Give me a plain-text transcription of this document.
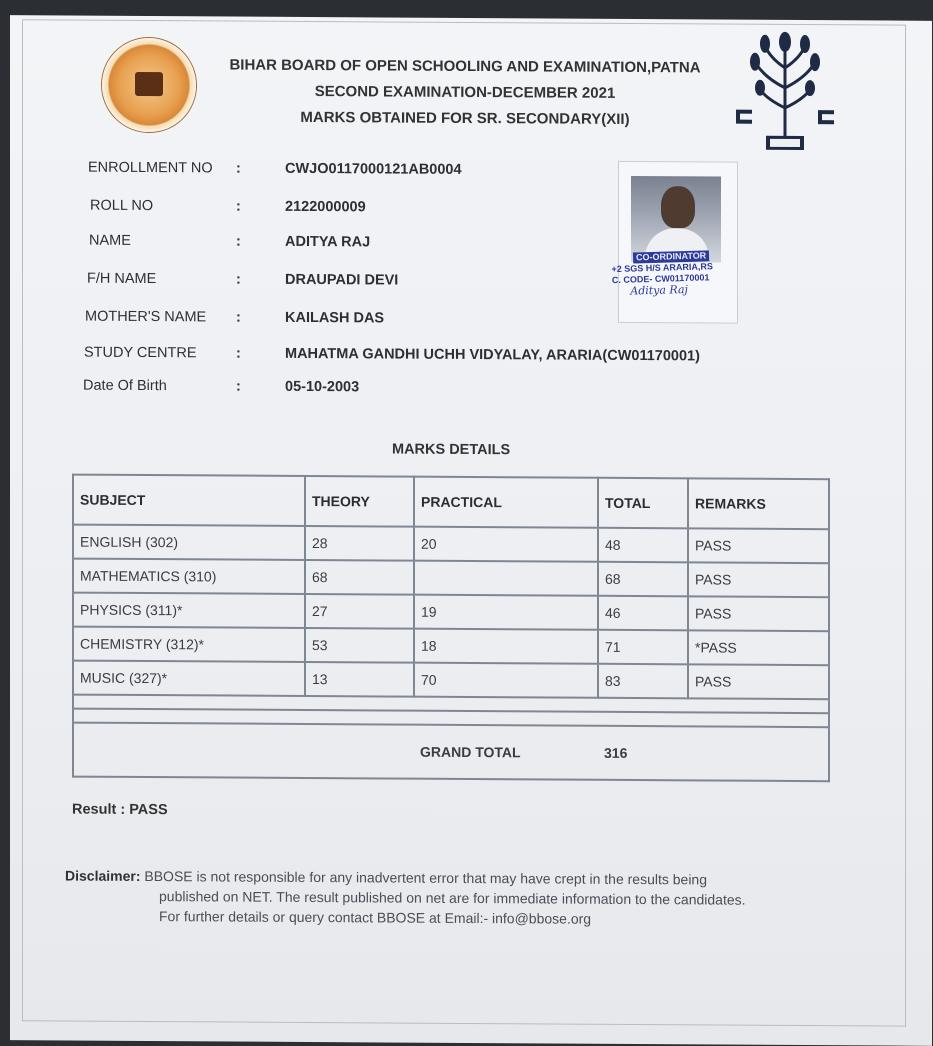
BIHAR BOARD OF OPEN SCHOOLING AND EXAMINATION,PATNA
SECOND EXAMINATION-DECEMBER 2021
MARKS OBTAINED FOR SR. SECONDARY(XII)
ENROLLMENT NO	:	CWJO0117000121AB0004
ROLL NO	:	2122000009
NAME	:	ADITYA RAJ
F/H NAME	:	DRAUPADI DEVI
MOTHER'S NAME	:	KAILASH DAS
STUDY CENTRE	:	MAHATMA GANDHI UCHH VIDYALAY, ARARIA(CW01170001)
Date Of Birth	:	05-10-2003
CO-ORDINATOR
+2 SGS H/S ARARIA,RS
C. CODE- CW01170001
Aditya Raj
MARKS DETAILS
SUBJECT	THEORY	PRACTICAL	TOTAL	REMARKS
ENGLISH (302)	28	20	48	PASS
MATHEMATICS (310)	68		68	PASS
PHYSICS (311)*	27	19	46	PASS
CHEMISTRY (312)*	53	18	71	*PASS
MUSIC (327)*	13	70	83	PASS

		GRAND TOTAL	316	
Result : PASS
Disclaimer: BBOSE is not responsible for any inadvertent error that may have crept in the results being
published on NET. The result published on net are for immediate information to the candidates.
For further details or query contact BBOSE at Email:- info@bbose.org
